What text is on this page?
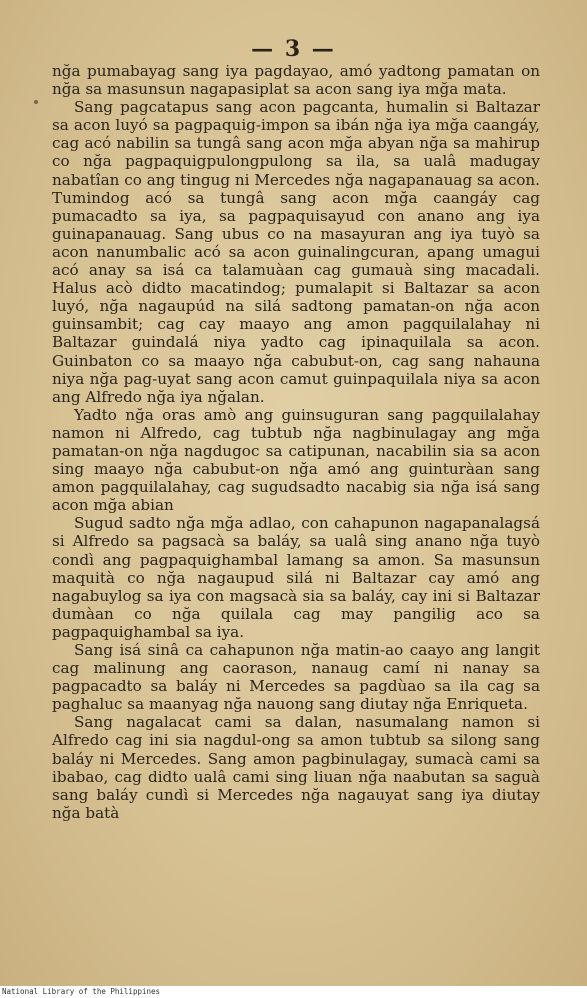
— 3 —

nğa pumabayag sang iya pagdayao, amó yadtong pamatan on nğa sa masunsun nagapasiplat sa acon sang iya mğa mata.

Sang pagcatapus sang acon pagcanta, humalin si Baltazar sa acon luyó sa pagpaquig-impon sa ibán nğa iya mğa caangáy, cag acó nabilin sa tungâ sang acon mğa abyan nğa sa mahirup co nğa pagpaquigpulongpulong sa ila, sa ualâ madugay nabatîan co ang tingug ni Mercedes nğa nagapanauag sa acon. Tumindog acó sa tungâ sang acon mğa caangáy cag pumacadto sa iya, sa pagpaquisayud con anano ang iya guinapanauag. Sang ubus co na masayuran ang iya tuyò sa acon nanumbalic acó sa acon guinalingcuran, apang umagui acó anay sa isá ca talamuàan cag gumauà sing macadali. Halus acò didto macatindog; pumalapit si Baltazar sa acon luyó, nğa nagaupúd na silá sadtong pamatan-on nğa acon guinsambit; cag cay maayo ang amon pagquilalahay ni Baltazar guindalá niya yadto cag ipinaquilala sa acon. Guinbaton co sa maayo nğa cabubut-on, cag sang nahauna niya nğa pag-uyat sang acon camut guinpaquilala niya sa acon ang Alfredo nğa iya nğalan.

Yadto nğa oras amò ang guinsuguran sang pagquilalahay namon ni Alfredo, cag tubtub nğa nagbinulagay ang mğa pamatan-on nğa nagdugoc sa catipunan, nacabilin sia sa acon sing maayo nğa cabubut-on nğa amó ang guinturàan sang amon pagquilalahay, cag sugudsadto nacabig sia nğa isá sang acon mğa abian

Sugud sadto nğa mğa adlao, con cahapunon nagapanalagsá si Alfredo sa pagsacà sa baláy, sa ualâ sing anano nğa tuyò condì ang pagpaquighambal lamang sa amon. Sa masunsun maquità co nğa nagaupud silá ni Baltazar cay amó ang nagabuylog sa iya con magsacà sia sa baláy, cay ini si Baltazar dumàan co nğa quilala cag may pangilig aco sa pagpaquighambal sa iya.

Sang isá sinâ ca cahapunon nğa matin-ao caayo ang langit cag malinung ang caorason, nanaug camí ni nanay sa pagpacadto sa baláy ni Mercedes sa pagdùao sa ila cag sa paghaluc sa maanyag nğa nauong sang diutay nğa Enriqueta.

Sang nagalacat cami sa dalan, nasumalang namon si Alfredo cag ini sia nagdul-ong sa amon tubtub sa silong sang baláy ni Mercedes. Sang amon pagbinulagay, sumacà cami sa ibabao, cag didto ualâ cami sing liuan nğa naabutan sa saguà sang baláy cundì si Mercedes nğa nagauyat sang iya diutay nğa batà

National Library of the Philippines
